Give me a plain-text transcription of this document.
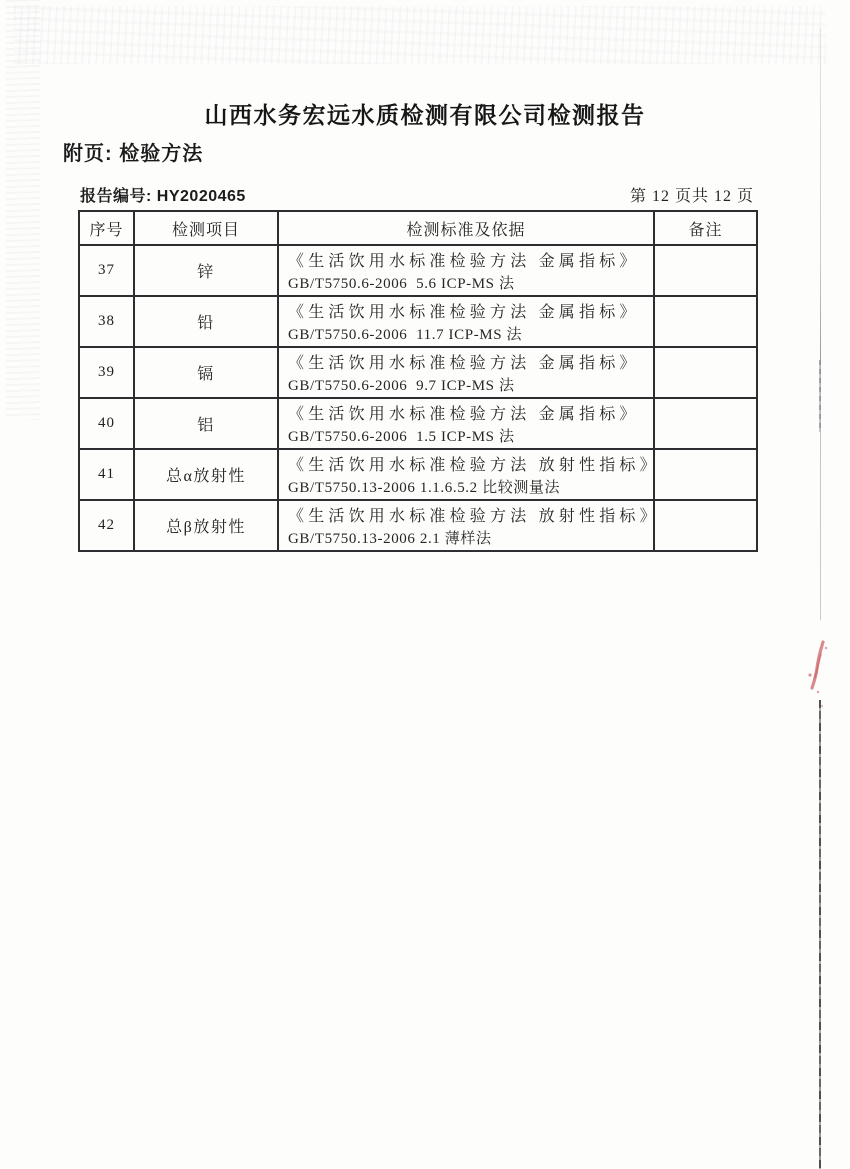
山西水务宏远水质检测有限公司检测报告
附页: 检验方法
报告编号: HY2020465	第 12 页共 12 页
序号	检测项目	检测标准及依据	备注
37	锌	《生活饮用水标准检验方法 金属指标》
GB/T5750.6-2006  5.6 ICP-MS 法	

38	铅	《生活饮用水标准检验方法 金属指标》
GB/T5750.6-2006  11.7 ICP-MS 法	

39	镉	《生活饮用水标准检验方法 金属指标》
GB/T5750.6-2006  9.7 ICP-MS 法	

40	铝	《生活饮用水标准检验方法 金属指标》
GB/T5750.6-2006  1.5 ICP-MS 法	

41	总α放射性	《生活饮用水标准检验方法 放射性指标》
GB/T5750.13-2006 1.1.6.5.2 比较测量法	

42	总β放射性	《生活饮用水标准检验方法 放射性指标》
GB/T5750.13-2006 2.1 薄样法	
